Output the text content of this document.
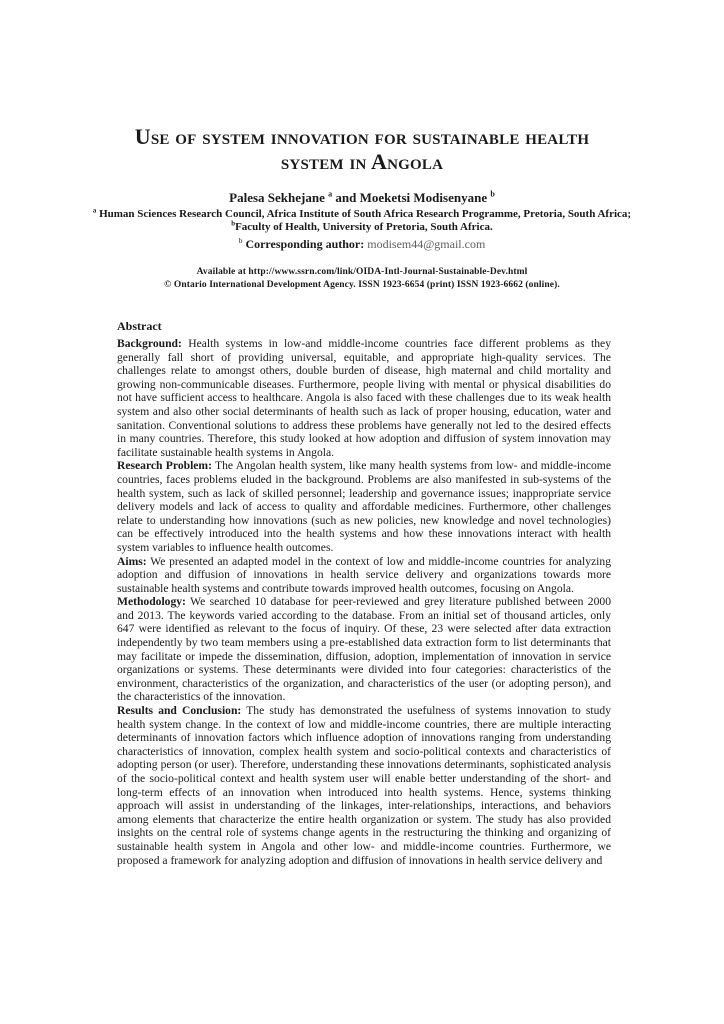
Use of system innovation for sustainable health
system in Angola
Palesa Sekhejane $^a$ and Moeketsi Modisenyane $^b$
$^a$ Human Sciences Research Council, Africa Institute of South Africa Research Programme, Pretoria, South Africa;
$^b$Faculty of Health, University of Pretoria, South Africa.
$^b$ Corresponding author: modisem44@gmail.com
Available at http://www.ssrn.com/link/OIDA-Intl-Journal-Sustainable-Dev.html
© Ontario International Development Agency. ISSN 1923-6654 (print) ISSN 1923-6662 (online).
Abstract

Background: Health systems in low-and middle-income countries face different problems as they generally fall short of providing universal, equitable, and appropriate high-quality services. The challenges relate to amongst others, double burden of disease, high maternal and child mortality and growing non-communicable diseases. Furthermore, people living with mental or physical disabilities do not have sufficient access to healthcare. Angola is also faced with these challenges due to its weak health system and also other social determinants of health such as lack of proper housing, education, water and sanitation. Conventional solutions to address these problems have generally not led to the desired effects in many countries. Therefore, this study looked at how adoption and diffusion of system innovation may facilitate sustainable health systems in Angola.

Research Problem: The Angolan health system, like many health systems from low- and middle-income countries, faces problems eluded in the background. Problems are also manifested in sub-systems of the health system, such as lack of skilled personnel; leadership and governance issues; inappropriate service delivery models and lack of access to quality and affordable medicines. Furthermore, other challenges relate to understanding how innovations (such as new policies, new knowledge and novel technologies) can be effectively introduced into the health systems and how these innovations interact with health system variables to influence health outcomes.

Aims: We presented an adapted model in the context of low and middle-income countries for analyzing adoption and diffusion of innovations in health service delivery and organizations towards more sustainable health systems and contribute towards improved health outcomes, focusing on Angola.

Methodology: We searched 10 database for peer-reviewed and grey literature published between 2000 and 2013. The keywords varied according to the database. From an initial set of thousand articles, only 647 were identified as relevant to the focus of inquiry. Of these, 23 were selected after data extraction independently by two team members using a pre-established data extraction form to list determinants that may facilitate or impede the dissemination, diffusion, adoption, implementation of innovation in service organizations or systems. These determinants were divided into four categories: characteristics of the environment, characteristics of the organization, and characteristics of the user (or adopting person), and the characteristics of the innovation.

Results and Conclusion: The study has demonstrated the usefulness of systems innovation to study health system change. In the context of low and middle-income countries, there are multiple interacting determinants of innovation factors which influence adoption of innovations ranging from understanding characteristics of innovation, complex health system and socio-political contexts and characteristics of adopting person (or user). Therefore, understanding these innovations determinants, sophisticated analysis of the socio-political context and health system user will enable better understanding of the short- and long-term effects of an innovation when introduced into health systems. Hence, systems thinking approach will assist in understanding of the linkages, inter-relationships, interactions, and behaviors among elements that characterize the entire health organization or system. The study has also provided insights on the central role of systems change agents in the restructuring the thinking and organizing of sustainable health system in Angola and other low- and middle-income countries. Furthermore, we proposed a framework for analyzing adoption and diffusion of innovations in health service delivery and
